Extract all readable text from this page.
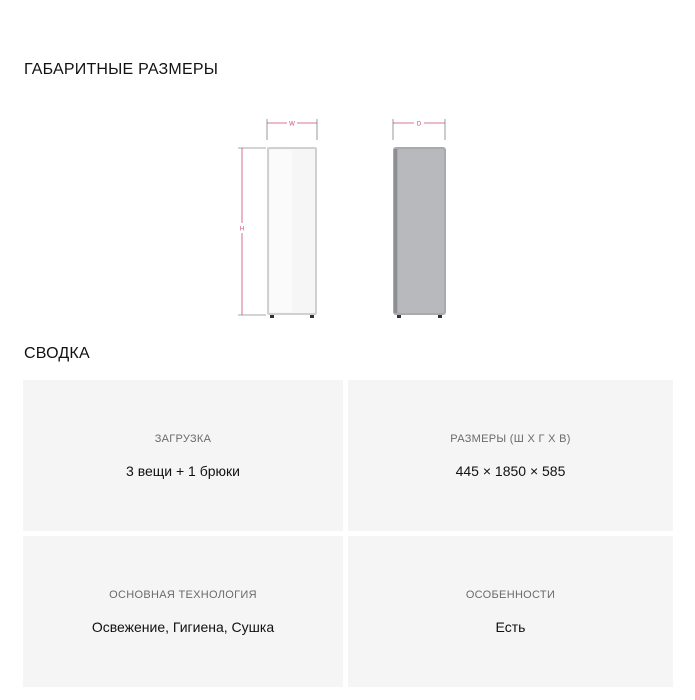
ГАБАРИТНЫЕ РАЗМЕРЫ
W
H
D
СВОДКА
ЗАГРУЗКА
3 вещи + 1 брюки
РАЗМЕРЫ (Ш X Г X В)
445 × 1850 × 585
ОСНОВНАЯ ТЕХНОЛОГИЯ
Освежение, Гигиена, Сушка
ОСОБЕННОСТИ
Есть
